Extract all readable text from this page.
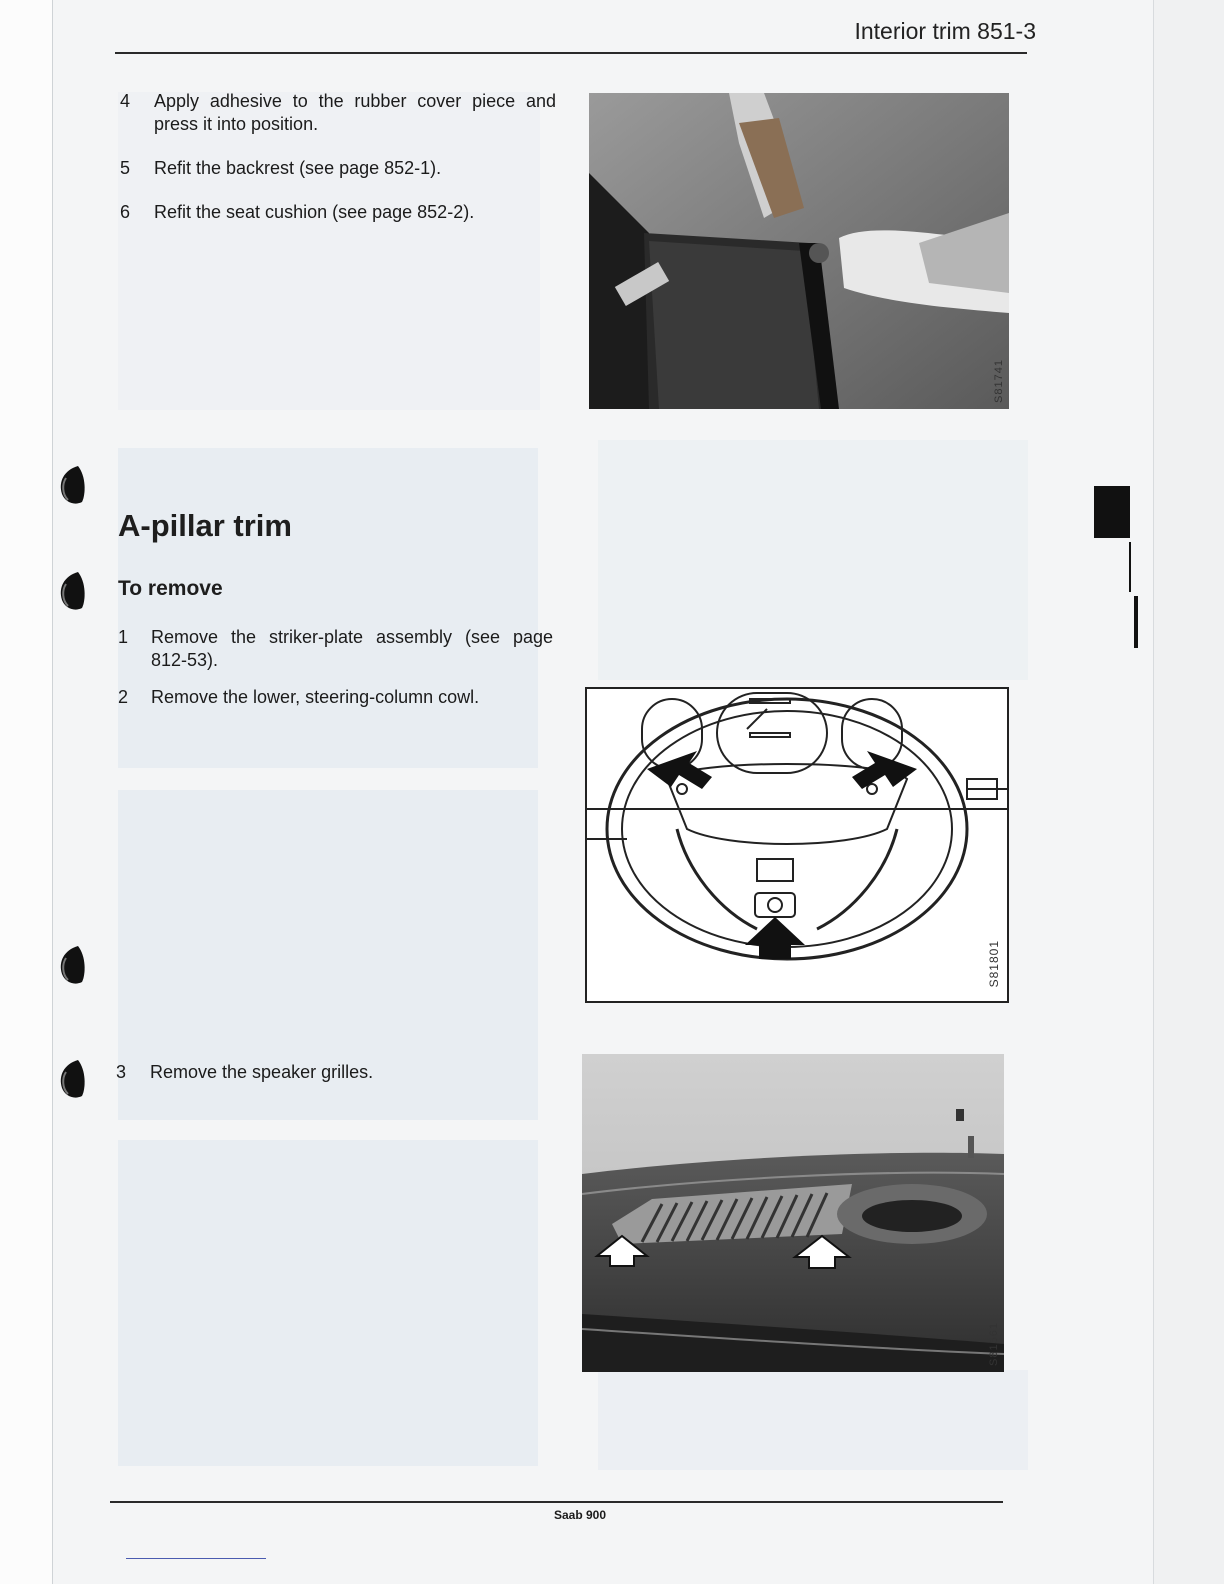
Interior trim 851-3
4 Apply adhesive to the rubber cover piece and press it into position.
5 Refit the backrest (see page 852-1).
6 Refit the seat cushion (see page 852-2).
S81741
A-pillar trim
To remove
1 Remove the striker-plate assembly (see page 812-53).
2 Remove the lower, steering-column cowl.
3 Remove the speaker grilles.
S81801
S81561
Saab 900
